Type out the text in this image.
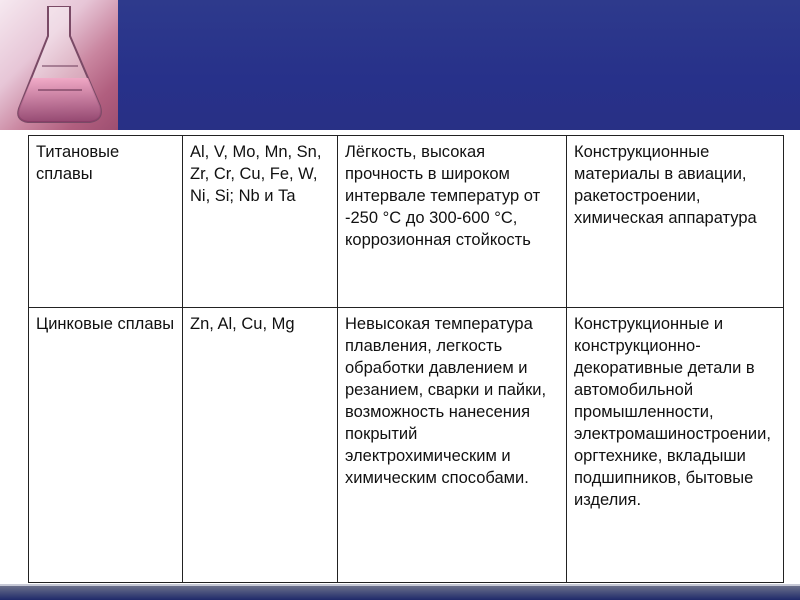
Титановые сплавы	Al, V, Mo, Mn, Sn, Zr, Cr, Cu, Fe, W, Ni, Si; Nb и Ta	Лёгкость, высокая прочность в широком интервале температур от -250 °С до 300-600 °С, коррозионная стойкость	Конструкционные материалы в авиации, ракетостроении, химическая аппаратура

Цинковые сплавы	Zn, Al, Cu, Mg	Невысокая температура плавления, легкость обработки давлением и резанием, сварки и пайки, возможность нанесения покрытий электрохимическим и химическим способами.	Конструкционные и конструкционно-декоративные детали в автомобильной промышленности, электромашиностроении, оргтехнике, вкладыши подшипников, бытовые изделия.
